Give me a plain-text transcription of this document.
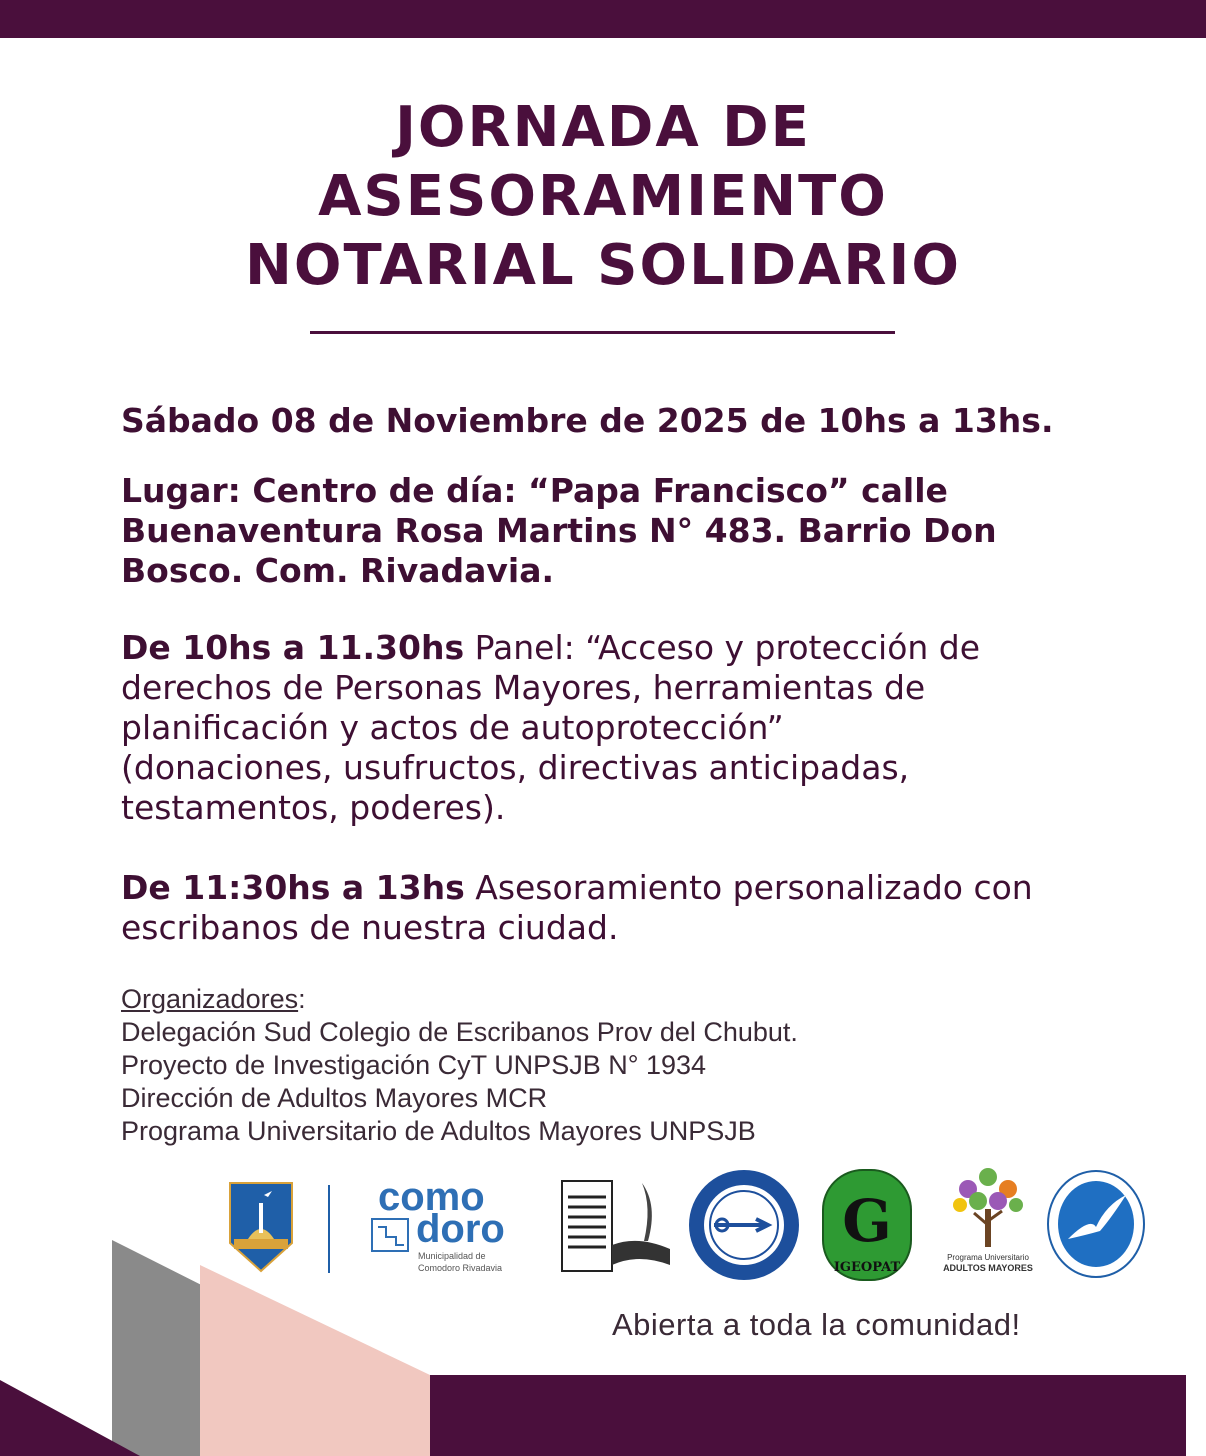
JORNADA DE
ASESORAMIENTO
NOTARIAL SOLIDARIO
Sábado 08 de Noviembre de 2025 de 10hs a 13hs.
Lugar: Centro de día: “Papa Francisco” calle
Buenaventura Rosa Martins N° 483. Barrio Don
Bosco. Com. Rivadavia.
De 10hs a 11.30hs Panel: “Acceso y protección de
derechos de Personas Mayores, herramientas de
planificación y actos de autoprotección”
(donaciones, usufructos, directivas anticipadas,
testamentos, poderes).
De 11:30hs a 13hs Asesoramiento personalizado con
escribanos de nuestra ciudad.
Organizadores:
Delegación Sud Colegio de Escribanos Prov del Chubut.
Proyecto de Investigación CyT UNPSJB N° 1934
Dirección de Adultos Mayores MCR
Programa Universitario de Adultos Mayores UNPSJB
como
doro
Municipalidad de
Comodoro Rivadavia
G
IGEOPAT
Programa Universitario
ADULTOS MAYORES
Abierta a toda la comunidad!
